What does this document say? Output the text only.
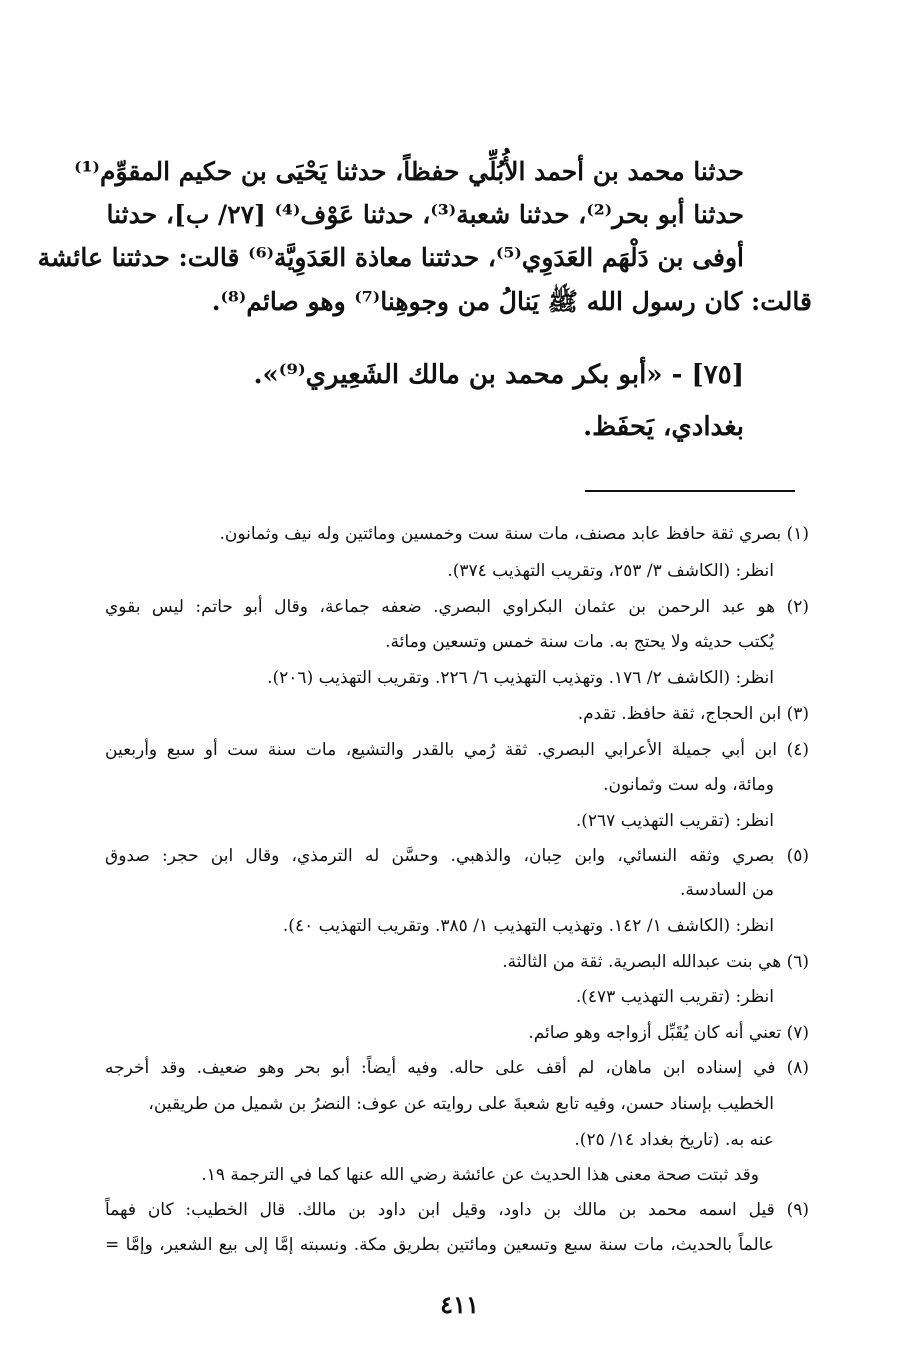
حدثنا محمد بن أحمد الأُبُلِّي حفظاً، حدثنا يَحْيَى بن حكيم المقوِّم⁽¹⁾
حدثنا أبو بحر⁽²⁾، حدثنا شعبة⁽³⁾، حدثنا عَوْف⁽⁴⁾ [٢٧/ ب]، حدثنا
أوفى بن دَلْهَم العَدَوِي⁽⁵⁾، حدثتنا معاذة العَدَوِيَّة⁽⁶⁾ قالت: حدثتنا عائشة
قالت: كان رسول الله ﷺ يَنالُ من وجوهِنا⁽⁷⁾ وهو صائم⁽⁸⁾.
[٧٥] - «أبو بكر محمد بن مالك الشَعِيري⁽⁹⁾».
بغدادي، يَحفَظ.
(١) بصري ثقة حافظ عابد مصنف، مات سنة ست وخمسين ومائتين وله نيف وثمانون.
انظر: (الكاشف ٣/ ٢٥٣، وتقريب التهذيب ٣٧٤).
(٢) هو عبد الرحمن بن عثمان البكراوي البصري. ضعفه جماعة، وقال أبو حاتم: ليس بقوي
يُكتب حديثه ولا يحتج به. مات سنة خمس وتسعين ومائة.
انظر: (الكاشف ٢/ ١٧٦. وتهذيب التهذيب ٦/ ٢٢٦. وتقريب التهذيب (٢٠٦).
(٣) ابن الحجاج، ثقة حافظ. تقدم.
(٤) ابن أبي جميلة الأعرابي البصري. ثقة رُمي بالقدر والتشيع، مات سنة ست أو سبع وأربعين
ومائة، وله ست وثمانون.
انظر: (تقريب التهذيب ٢٦٧).
(٥) بصري وثقه النسائي، وابن حِبان، والذهبي. وحسَّن له الترمذي، وقال ابن حجر: صدوق
من السادسة.
انظر: (الكاشف ١/ ١٤٢. وتهذيب التهذيب ١/ ٣٨٥. وتقريب التهذيب ٤٠).
(٦) هي بنت عبدالله البصرية. ثقة من الثالثة.
انظر: (تقريب التهذيب ٤٧٣).
(٧) تعني أنه كان يُقَبِّل أزواجه وهو صائم.
(٨) في إسناده ابن ماهان، لم أقف على حاله. وفيه أيضاً: أبو بحر وهو ضعيف. وقد أخرجه
الخطيب بإسناد حسن، وفيه تابع شعبةَ على روايته عن عوف: النضرُ بن شميل من طريقين،
عنه به. (تاريخ بغداد ١٤/ ٢٥).
وقد ثبتت صحة معنى هذا الحديث عن عائشة رضي الله عنها كما في الترجمة ١٩.
(٩) قيل اسمه محمد بن مالك بن داود، وقيل ابن داود بن مالك. قال الخطيب: كان فهماً
عالماً بالحديث، مات سنة سبع وتسعين ومائتين بطريق مكة. ونسبته إمَّا إلى بيع الشعير، وإمَّا =
٤١١
